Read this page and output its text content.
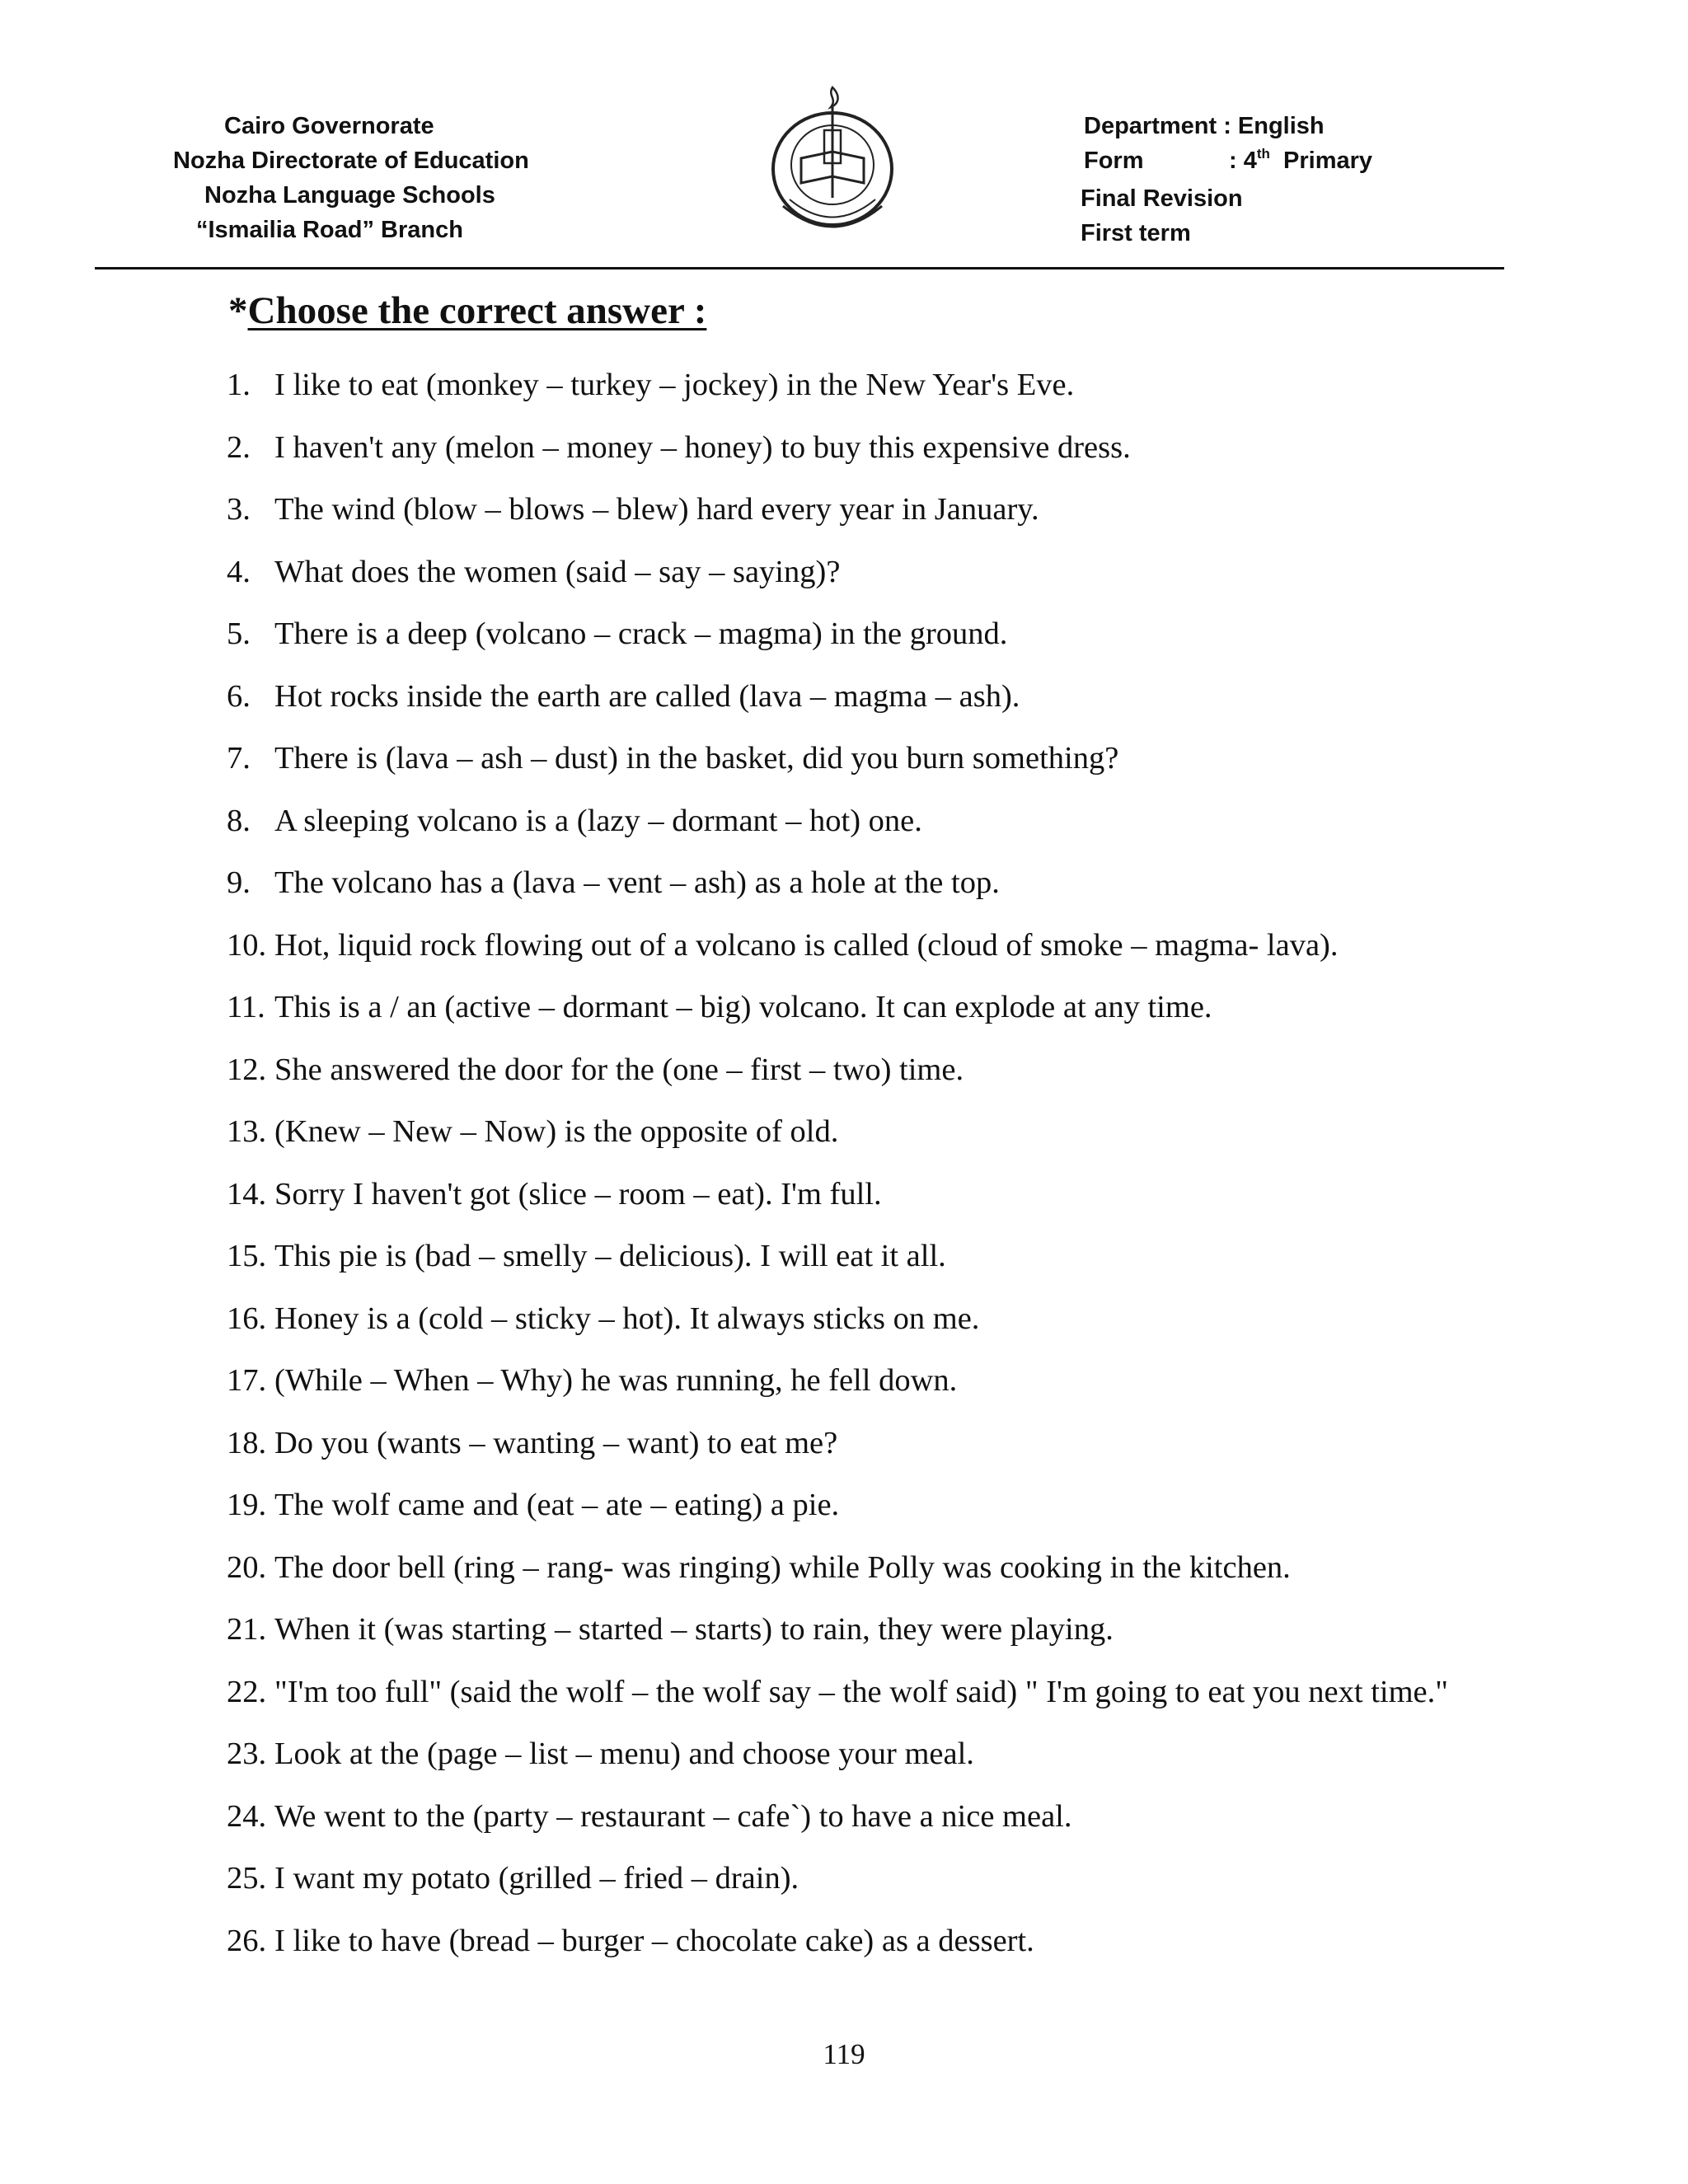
Cairo Governorate
Nozha Directorate of Education
Nozha Language Schools
“Ismailia Road” Branch
Department : English
Form	: 4th  Primary
Final Revision
First term
*Choose the correct answer :
1. I like to eat (monkey – turkey – jockey) in the New Year's Eve.
2. I haven't any (melon – money – honey) to buy this expensive dress.
3. The wind (blow – blows – blew) hard every year in January.
4. What does the women (said – say – saying)?
5. There is a deep (volcano – crack – magma) in the ground.
6. Hot rocks inside the earth are called (lava – magma – ash).
7. There is (lava – ash – dust) in the basket, did you burn something?
8. A sleeping volcano is a (lazy – dormant – hot) one.
9. The volcano has a (lava – vent – ash) as a hole at the top.
10. Hot, liquid rock flowing out of a volcano is called (cloud of smoke – magma- lava).
11. This is a / an (active – dormant – big) volcano. It can explode at any time.
12. She answered the door for the (one – first – two) time.
13. (Knew – New – Now) is the opposite of old.
14. Sorry I haven't got (slice – room – eat). I'm full.
15. This pie is (bad – smelly – delicious). I will eat it all.
16. Honey is a (cold – sticky – hot). It always sticks on me.
17. (While – When – Why) he was running, he fell down.
18. Do you (wants – wanting – want) to eat me?
19. The wolf came and (eat – ate – eating) a pie.
20. The door bell (ring – rang- was ringing) while Polly was cooking in the kitchen.
21. When it (was starting – started – starts) to rain, they were playing.
22. "I'm too full" (said the wolf – the wolf say – the wolf said) " I'm going to eat you next time."
23. Look at the (page – list – menu) and choose your meal.
24. We went to the (party – restaurant – cafe`) to have a nice meal.
25. I want my potato (grilled – fried – drain).
26. I like to have (bread – burger – chocolate cake) as a dessert.
119
